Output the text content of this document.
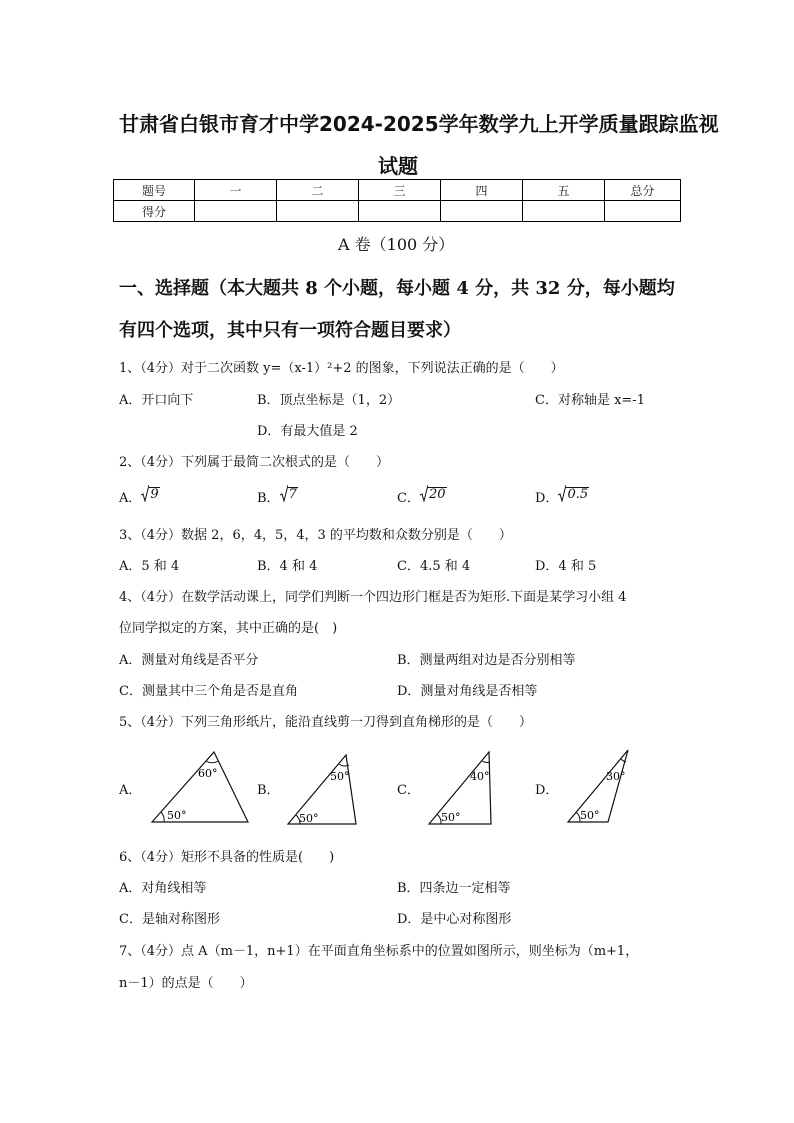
甘肃省白银市育才中学2024-2025学年数学九上开学质量跟踪监视
试题
题号	一	二	三	四	五	总分
得分						
A 卷（100 分）
一、选择题（本大题共 8 个小题，每小题 4 分，共 32 分，每小题均
有四个选项，其中只有一项符合题目要求）
1、（4分）对于二次函数 y=（x-1）²+2 的图象，下列说法正确的是（　　）
A．开口向下	B．顶点坐标是（1，2）	C．对称轴是 x=-1
D．有最大值是 2
2、（4分）下列属于最简二次根式的是（　　）
A． 9	B． 7	C． 20	D． 0.5
3、（4分）数据 2，6，4，5，4，3 的平均数和众数分别是（　　）
A．5 和 4	B．4 和 4	C．4.5 和 4	D．4 和 5
4、（4分）在数学活动课上，同学们判断一个四边形门框是否为矩形.下面是某学习小组 4
位同学拟定的方案，其中正确的是(　)
A．测量对角线是否平分	B．测量两组对边是否分别相等
C．测量其中三个角是否是直角	D．测量对角线是否相等
5、（4分）下列三角形纸片，能沿直线剪一刀得到直角梯形的是（　　）
A．
60°
50°
B．
50°
50°
C．
40°
50°
D．
30°
50°
6、（4分）矩形不具备的性质是(　　)
A．对角线相等	B．四条边一定相等
C．是轴对称图形	D．是中心对称图形
7、（4分）点 A（m－1，n+1）在平面直角坐标系中的位置如图所示，则坐标为（m+1，
n－1）的点是（　　）
